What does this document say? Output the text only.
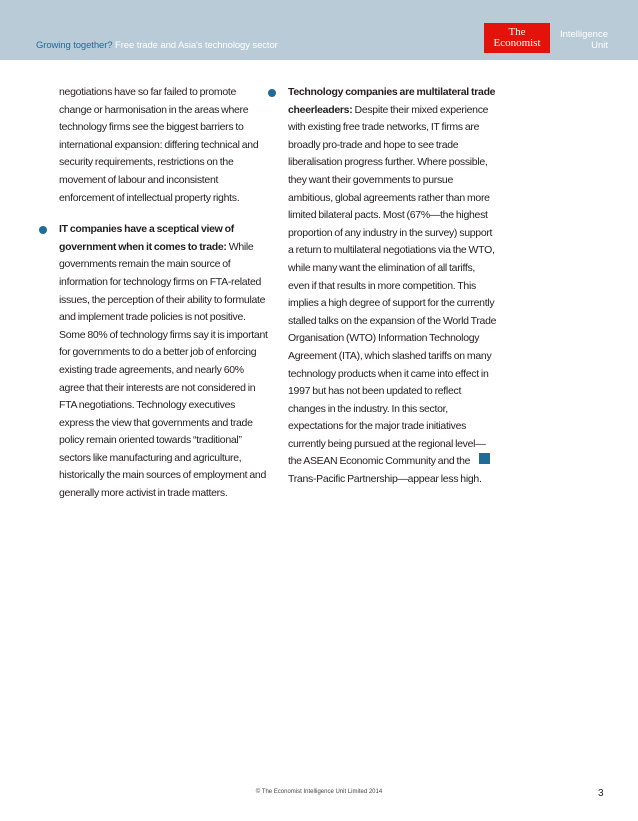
Growing together? Free trade and Asia's technology sector
The
Economist
Intelligence
Unit

negotiations have so far failed to promote change or harmonisation in the areas where technology firms see the biggest barriers to international expansion: differing technical and security requirements, restrictions on the movement of labour and inconsistent enforcement of intellectual property rights.

IT companies have a sceptical view of government when it comes to trade: While governments remain the main source of information for technology firms on FTA-related issues, the perception of their ability to formulate and implement trade policies is not positive. Some 80% of technology firms say it is important for governments to do a better job of enforcing existing trade agreements, and nearly 60% agree that their interests are not considered in FTA negotiations. Technology executives express the view that governments and trade policy remain oriented towards “traditional” sectors like manufacturing and agriculture, historically the main sources of employment and generally more activist in trade matters.

Technology companies are multilateral trade cheerleaders: Despite their mixed experience with existing free trade networks, IT firms are broadly pro-trade and hope to see trade liberalisation progress further. Where possible, they want their governments to pursue ambitious, global agreements rather than more limited bilateral pacts. Most (67%—the highest proportion of any industry in the survey) support a return to multilateral negotiations via the WTO, while many want the elimination of all tariffs, even if that results in more competition. This implies a high degree of support for the currently stalled talks on the expansion of the World Trade Organisation (WTO) Information Technology Agreement (ITA), which slashed tariffs on many technology products when it came into effect in 1997 but has not been updated to reflect changes in the industry. In this sector, expectations for the major trade initiatives currently being pursued at the regional level—the ASEAN Economic Community and the Trans-Pacific Partnership—appear less high.

© The Economist Intelligence Unit Limited 2014	3
